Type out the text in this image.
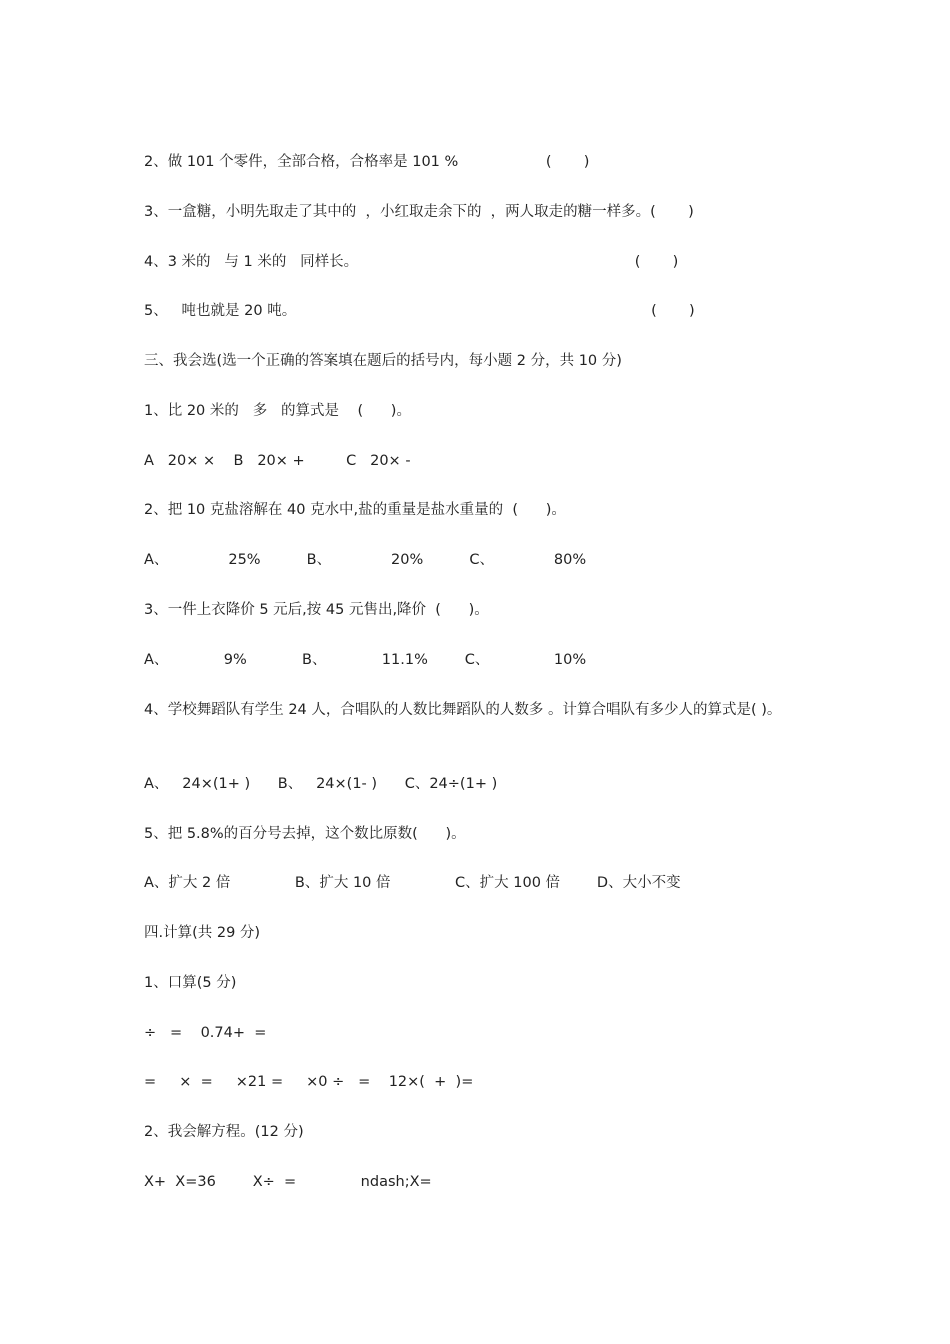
2、做 101 个零件，全部合格，合格率是 101 %                   (       )
3、一盒糖，小明先取走了其中的  ，小红取走余下的  ，两人取走的糖一样多。(       )
4、3 米的   与 1 米的   同样长。                                                            (       )
5、   吨也就是 20 吨。                                                                             (       )
三、我会选(选一个正确的答案填在题后的括号内，每小题 2 分，共 10 分)
1、比 20 米的   多   的算式是    (      )。
A   20× ×    B   20× +         C   20× -
2、把 10 克盐溶解在 40 克水中,盐的重量是盐水重量的  (      )。
A、             25%          B、             20%          C、             80%
3、一件上衣降价 5 元后,按 45 元售出,降价  (      )。
A、            9%            B、            11.1%        C、              10%
4、学校舞蹈队有学生 24 人，合唱队的人数比舞蹈队的人数多 。计算合唱队有多少人的算式是( )。
A、   24×(1+ )      B、   24×(1- )      C、24÷(1+ )
5、把 5.8%的百分号去掉，这个数比原数(      )。
A、扩大 2 倍              B、扩大 10 倍              C、扩大 100 倍        D、大小不变
四.计算(共 29 分)
1、口算(5 分)
÷   =    0.74+  =
=     ×  =     ×21 =     ×0 ÷   =    12×(  +  )=
2、我会解方程。(12 分)
X+  X=36        X÷  =              ndash;X=
